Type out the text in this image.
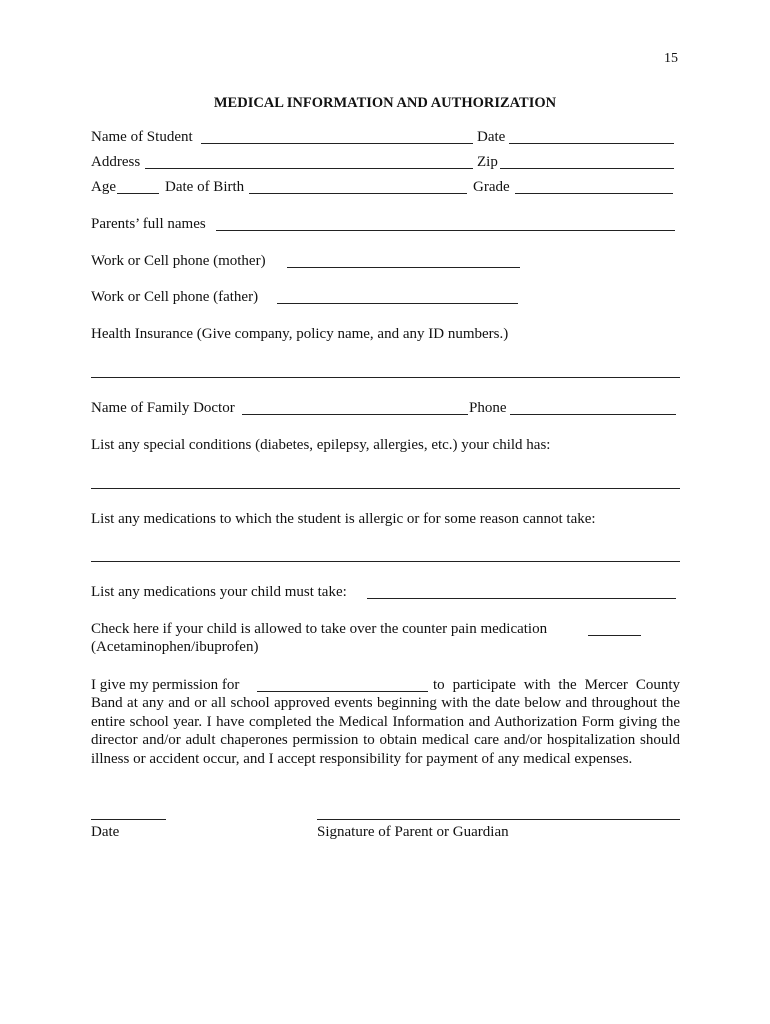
15
MEDICAL INFORMATION AND AUTHORIZATION
Name of Student	Date
Address	Zip
Age	Date of Birth	Grade
Parents’ full names
Work or Cell phone (mother)
Work or Cell phone (father)
Health Insurance (Give company, policy name, and any ID numbers.)
Name of Family Doctor	Phone
List any special conditions (diabetes, epilepsy, allergies, etc.) your child has:
List any medications to which the student is allergic or for some reason cannot take:
List any medications your child must take:
Check here if your child is allowed to take over the counter pain medication
(Acetaminophen/ibuprofen)
I give my permission for	to participate with the Mercer County Band at any and or all school approved events beginning with the date below and throughout the entire school year. I have completed the Medical Information and Authorization Form giving the director and/or adult chaperones permission to obtain medical care and/or hospitalization should illness or accident occur, and I accept responsibility for payment of any medical expenses.
Date	Signature of Parent or Guardian
